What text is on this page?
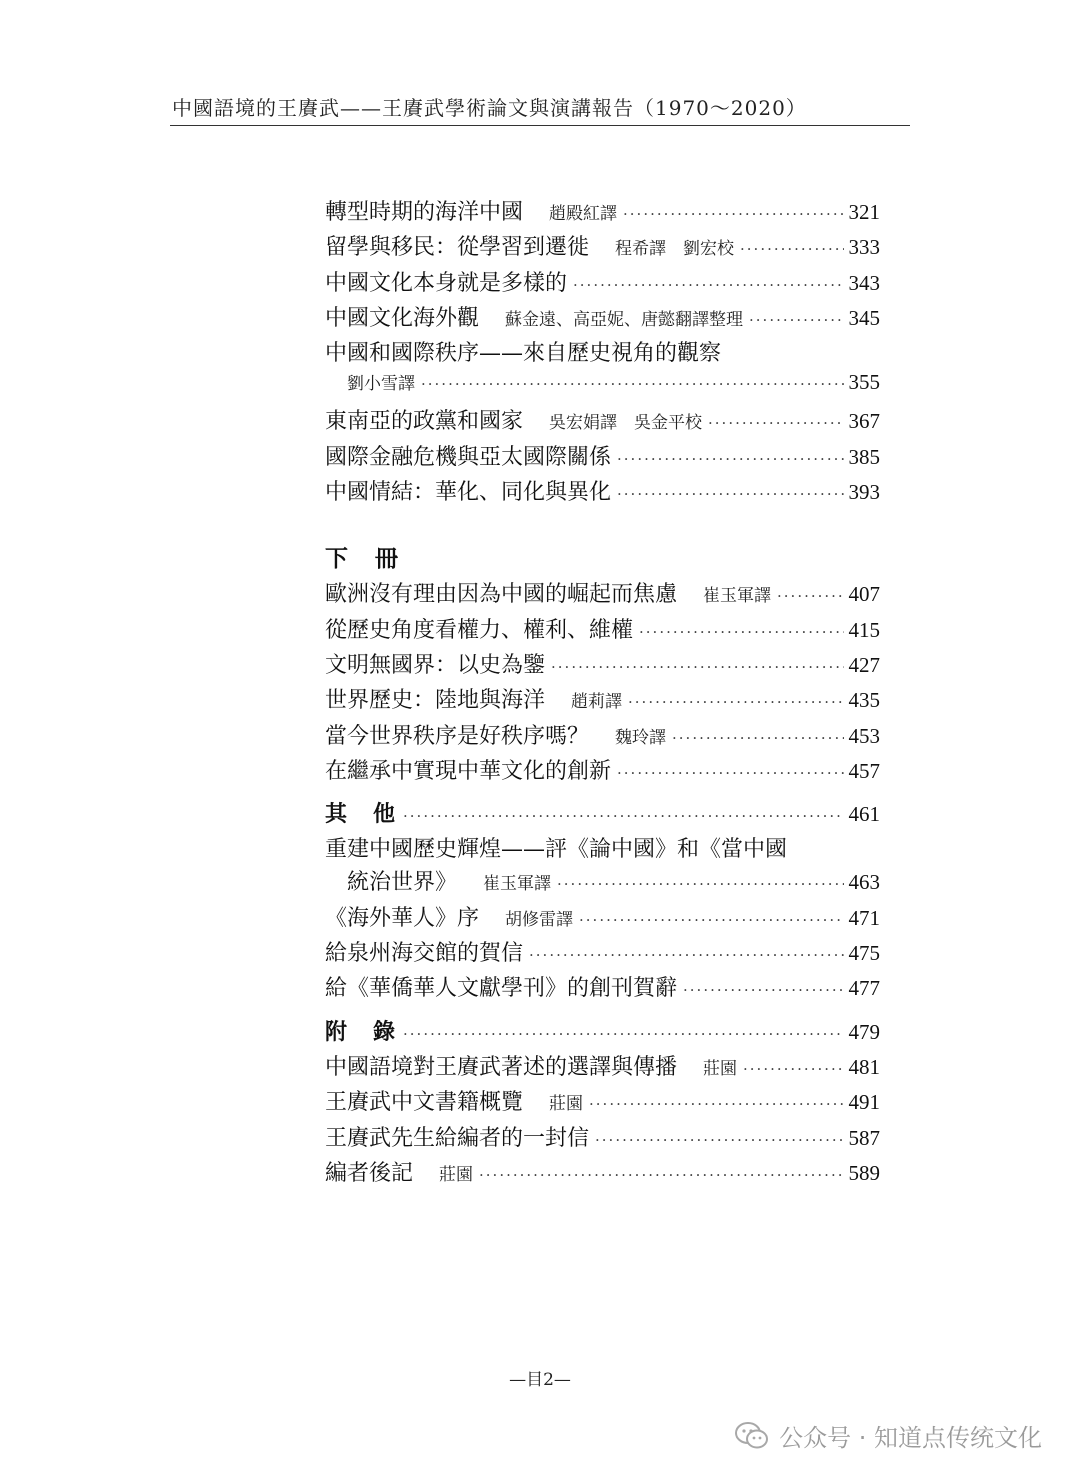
中國語境的王賡武——王賡武學術論文與演講報告（1970～2020）
轉型時期的海洋中國 趙殿紅譯 ·····	321
留學與移民：從學習到遷徙 程希譯　劉宏校 ·····	333
中國文化本身就是多樣的 ·····	343
中國文化海外觀 蘇金遠、高亞妮、唐懿翻譯整理 ·····	345
中國和國際秩序——來自歷史視角的觀察
劉小雪譯 ·····	355
東南亞的政黨和國家 吳宏娟譯　吳金平校 ·····	367
國際金融危機與亞太國際關係 ·····	385
中國情結：華化、同化與異化 ·····	393
下　冊
歐洲沒有理由因為中國的崛起而焦慮 崔玉軍譯 ·····	407
從歷史角度看權力、權利、維權 ·····	415
文明無國界：以史為鑒 ·····	427
世界歷史：陸地與海洋 趙莉譯 ·····	435
當今世界秩序是好秩序嗎？ 魏玲譯 ·····	453
在繼承中實現中華文化的創新 ·····	457
其　他 ·····	461
重建中國歷史輝煌——評《論中國》和《當中國
統治世界》 崔玉軍譯 ·····	463
《海外華人》序 胡修雷譯 ·····	471
給泉州海交館的賀信 ·····	475
給《華僑華人文獻學刊》的創刊賀辭 ·····	477
附　錄 ·····	479
中國語境對王賡武著述的選譯與傳播 莊園 ·····	481
王賡武中文書籍概覽 莊園 ·····	491
王賡武先生給編者的一封信 ·····	587
編者後記 莊園 ·····	589
—目2—
公众号 · 知道点传统文化
